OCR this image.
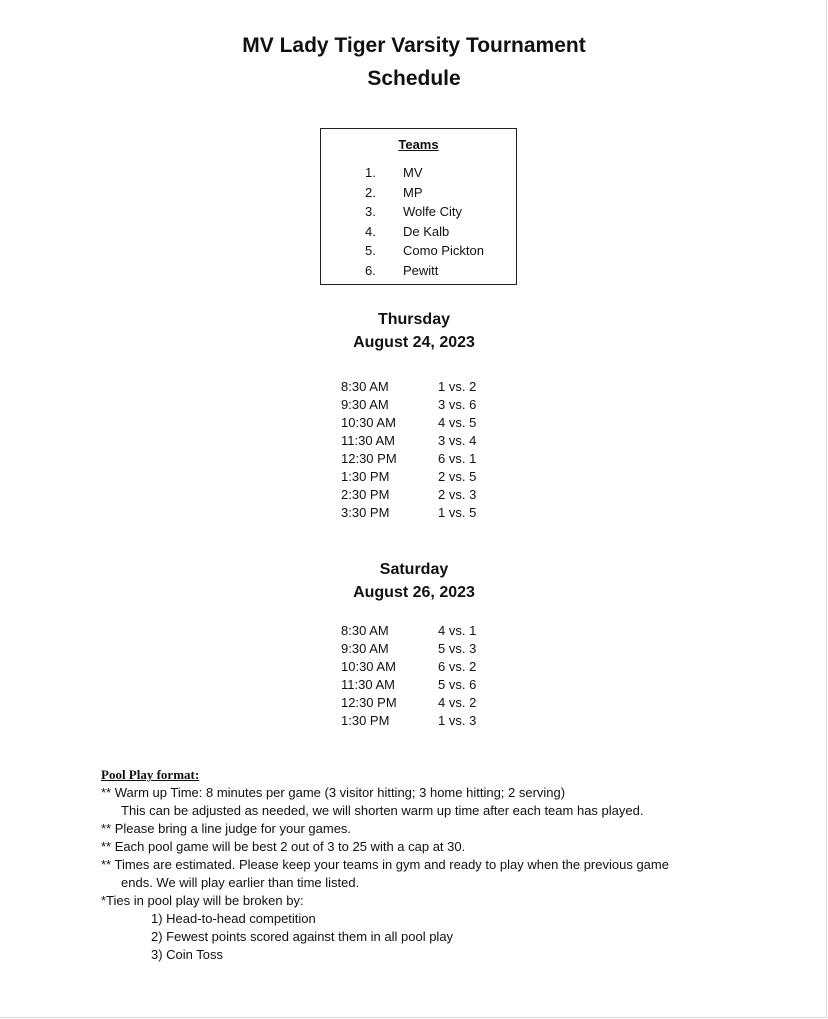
MV Lady Tiger Varsity Tournament
Schedule
Teams
1. MV
2. MP
3. Wolfe City
4. De Kalb
5. Como Pickton
6. Pewitt
Thursday
August 24, 2023
8:30 AM	1 vs. 2
9:30 AM	3 vs. 6
10:30 AM	4 vs. 5
11:30 AM	3 vs. 4
12:30 PM	6 vs. 1
1:30 PM	2 vs. 5
2:30 PM	2 vs. 3
3:30 PM	1 vs. 5
Saturday
August 26, 2023
8:30 AM	4 vs. 1
9:30 AM	5 vs. 3
10:30 AM	6 vs. 2
11:30 AM	5 vs. 6
12:30 PM	4 vs. 2
1:30 PM	1 vs. 3
Pool Play format:
** Warm up Time: 8 minutes per game (3 visitor hitting; 3 home hitting; 2 serving)
This can be adjusted as needed, we will shorten warm up time after each team has played.
** Please bring a line judge for your games.
** Each pool game will be best 2 out of 3 to 25 with a cap at 30.
** Times are estimated. Please keep your teams in gym and ready to play when the previous game
ends. We will play earlier than time listed.
*Ties in pool play will be broken by:
1) Head-to-head competition
2) Fewest points scored against them in all pool play
3) Coin Toss
